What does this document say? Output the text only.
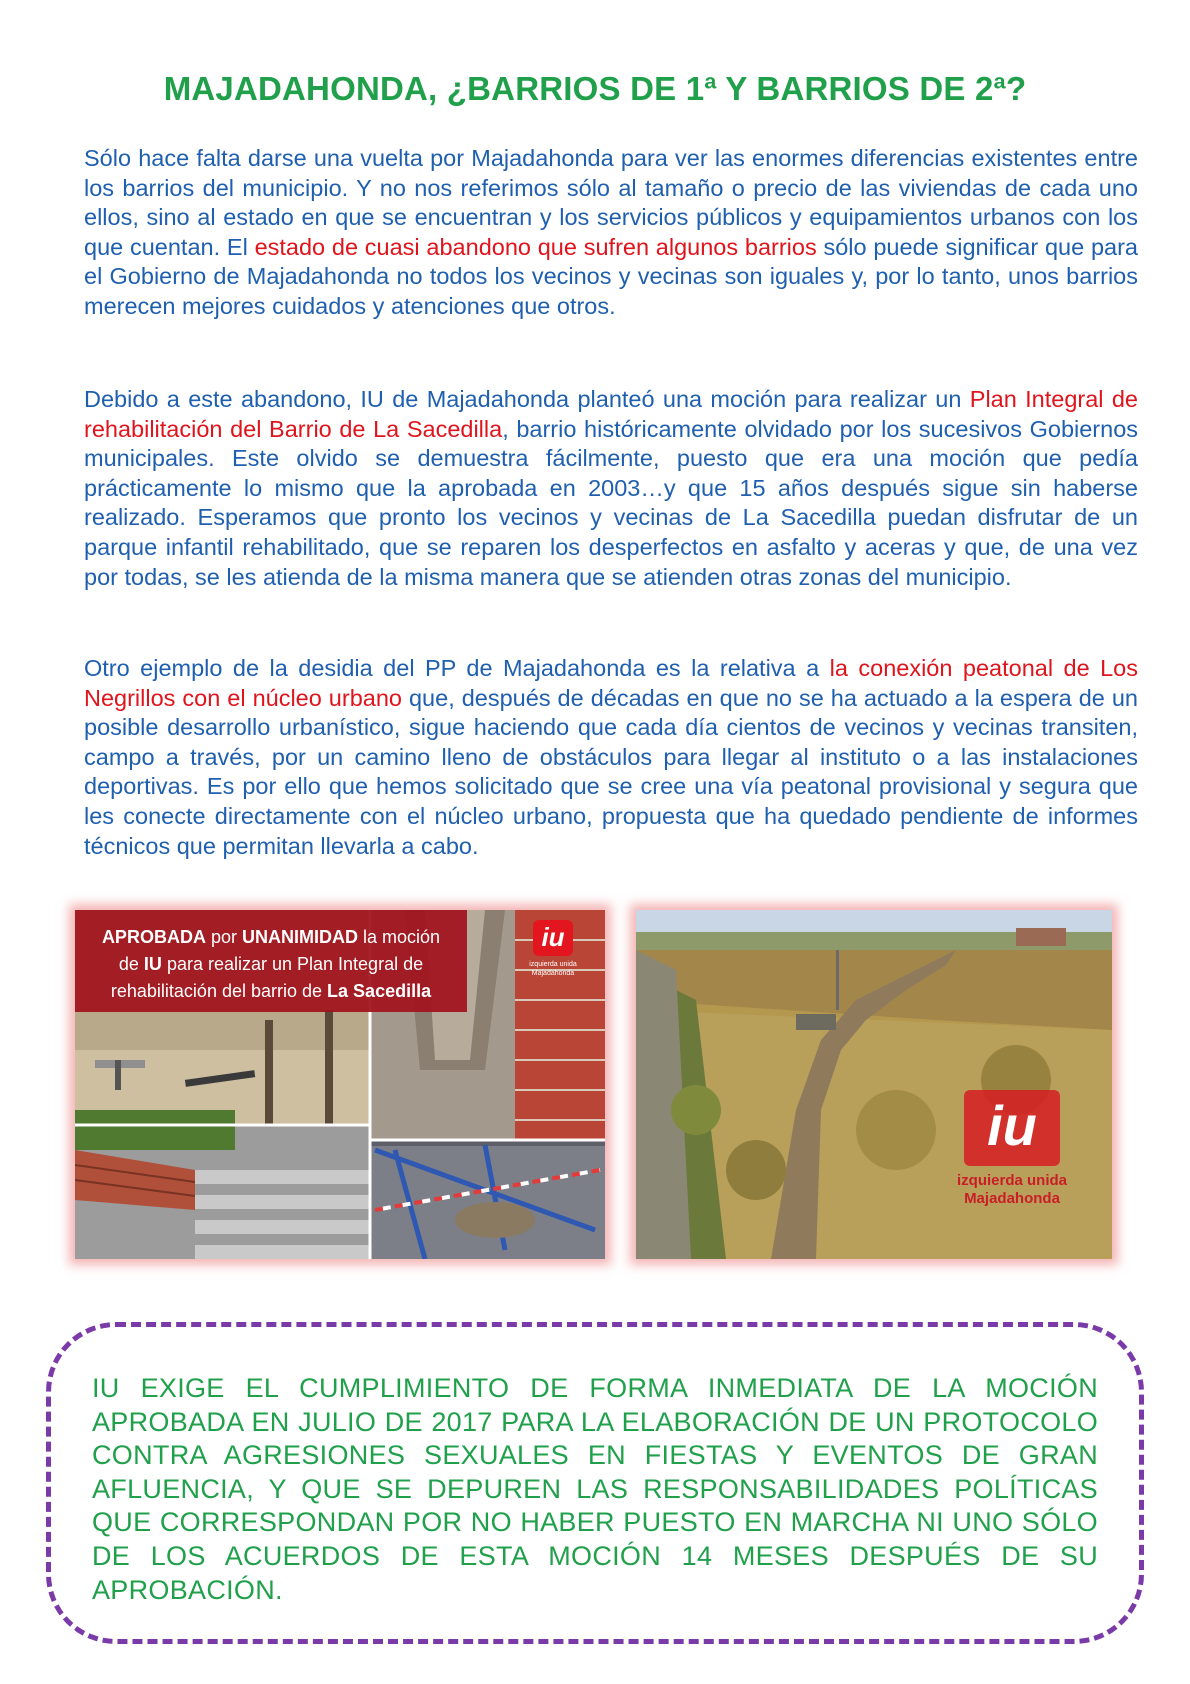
MAJADAHONDA, ¿BARRIOS DE 1ª Y BARRIOS DE 2ª?

Sólo hace falta darse una vuelta por Majadahonda para ver las enormes diferencias existentes entre los barrios del municipio. Y no nos referimos sólo al tamaño o precio de las viviendas de cada uno ellos, sino al estado en que se encuentran y los servicios públicos y equipamientos urbanos con los que cuentan. El estado de cuasi abandono que sufren algunos barrios sólo puede significar que para el Gobierno de Majadahonda no todos los vecinos y vecinas son iguales y, por lo tanto, unos barrios merecen mejores cuidados y atenciones que otros.

Debido a este abandono, IU de Majadahonda planteó una moción para realizar un Plan Integral de rehabilitación del Barrio de La Sacedilla, barrio históricamente olvidado por los sucesivos Gobiernos municipales. Este olvido se demuestra fácilmente, puesto que era una moción que pedía prácticamente lo mismo que la aprobada en 2003…y que 15 años después sigue sin haberse realizado. Esperamos que pronto los vecinos y vecinas de La Sacedilla puedan disfrutar de un parque infantil rehabilitado, que se reparen los desperfectos en asfalto y aceras y que, de una vez por todas, se les atienda de la misma manera que se atienden otras zonas del municipio.

Otro ejemplo de la desidia del PP de Majadahonda es la relativa a la conexión peatonal de Los Negrillos con el núcleo urbano que, después de décadas en que no se ha actuado a la espera de un posible desarrollo urbanístico, sigue haciendo que cada día cientos de vecinos y vecinas transiten, campo a través, por un camino lleno de obstáculos para llegar al instituto o a las instalaciones deportivas. Es por ello que hemos solicitado que se cree una vía peatonal provisional y segura que les conecte directamente con el núcleo urbano, propuesta que ha quedado pendiente de informes técnicos que permitan llevarla a cabo.

APROBADA por UNANIMIDAD la moción
de IU para realizar un Plan Integral de
rehabilitación del barrio de La Sacedilla
iu
izquierda unida
Majadahonda
iu
izquierda unida
Majadahonda

IU EXIGE EL CUMPLIMIENTO DE FORMA INMEDIATA DE LA MOCIÓN APROBADA EN JULIO DE 2017 PARA LA ELABORACIÓN DE UN PROTOCOLO CONTRA AGRESIONES SEXUALES EN FIESTAS Y EVENTOS DE GRAN AFLUENCIA, Y QUE SE DEPUREN LAS RESPONSABILIDADES POLÍTICAS QUE CORRESPONDAN POR NO HABER PUESTO EN MARCHA NI UNO SÓLO DE LOS ACUERDOS DE ESTA MOCIÓN 14 MESES DESPUÉS DE SU APROBACIÓN.
